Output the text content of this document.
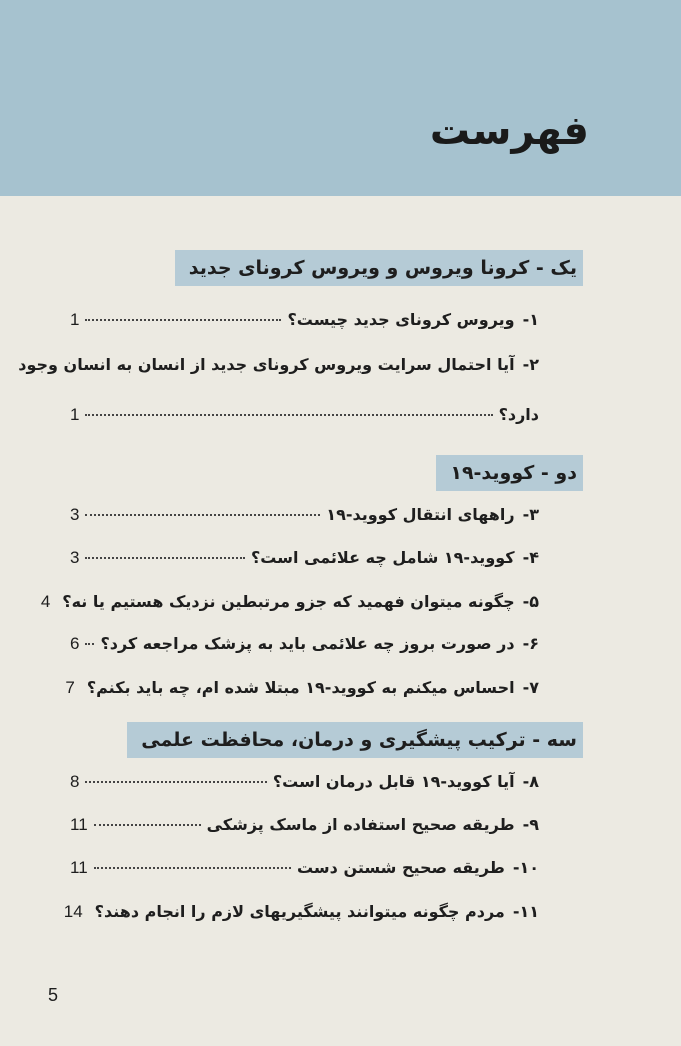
فهرست
یک - کرونا ویروس و ویروس کرونای جدید
۱-
ویروس کرونای جدید چیست؟
1
۲-
آیا احتمال سرایت ویروس کرونای جدید از انسان به انسان وجود
دارد؟
1
دو - کووید-۱۹
۳-
راههای انتقال کووید-۱۹
3
۴-
کووید-۱۹ شامل چه علائمی است؟
3
۵-
چگونه میتوان فهمید که جزو مرتبطین نزدیک هستیم یا نه؟
4
۶-
در صورت بروز چه علائمی باید به پزشک مراجعه کرد؟
6
۷-
احساس میکنم به کووید-۱۹ مبتلا شده ام، چه باید بکنم؟
7
سه - ترکیب پیشگیری و درمان، محافظت علمی
۸-
آیا کووید-۱۹ قابل درمان است؟
8
۹-
طریقه صحیح استفاده از ماسک پزشکی
11
۱۰-
طریقه صحیح شستن دست
11
۱۱-
مردم چگونه میتوانند پیشگیریهای لازم را انجام دهند؟
14
5
